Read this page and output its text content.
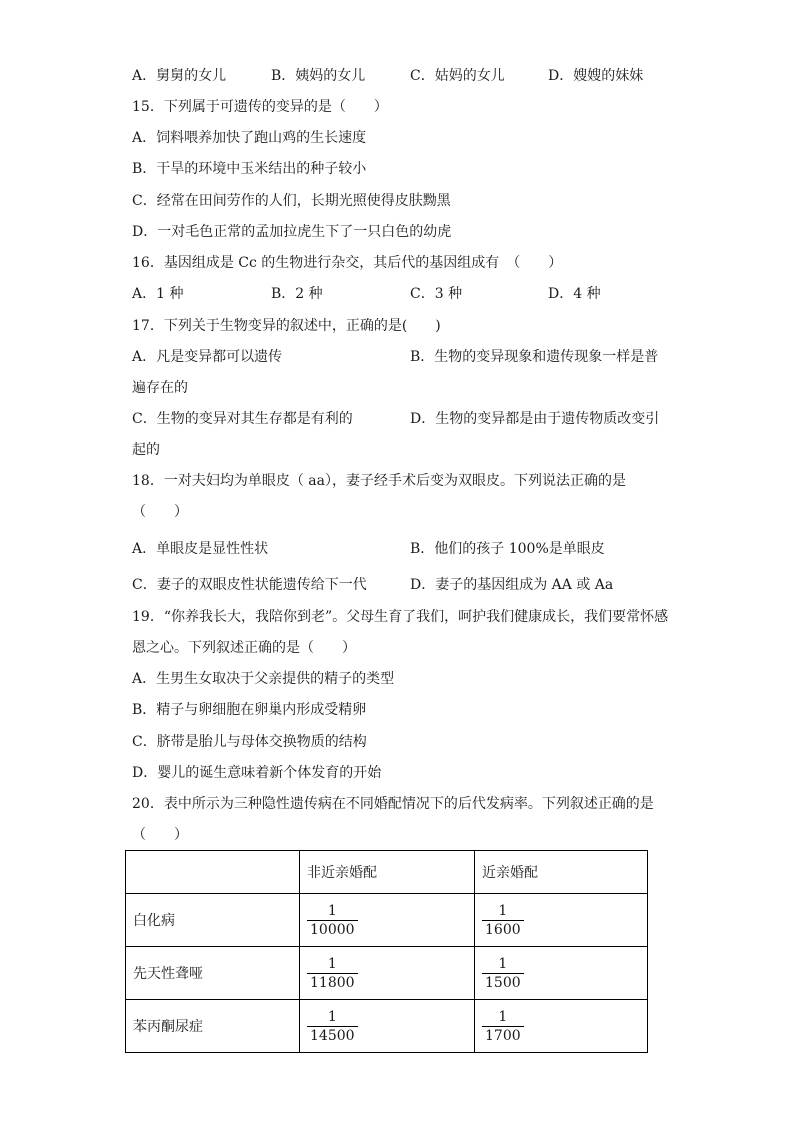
A．舅舅的女儿	B．姨妈的女儿	C．姑妈的女儿	D．嫂嫂的妹妹
15．下列属于可遗传的变异的是（　　）
A．饲料喂养加快了跑山鸡的生长速度
B．干旱的环境中玉米结出的种子较小
C．经常在田间劳作的人们，长期光照使得皮肤黝黑
D．一对毛色正常的孟加拉虎生下了一只白色的幼虎
16．基因组成是 Cc 的生物进行杂交，其后代的基因组成有　（　　）
A．1 种	B．2 种	C．3 种	D．4 种
17．下列关于生物变异的叙述中，正确的是(　　)
A．凡是变异都可以遗传	B．生物的变异现象和遗传现象一样是普
遍存在的
C．生物的变异对其生存都是有利的	D．生物的变异都是由于遗传物质改变引
起的
18．一对夫妇均为单眼皮（ aa），妻子经手术后变为双眼皮。下列说法正确的是
（　　）
A．单眼皮是显性性状	B．他们的孩子 100%是单眼皮
C．妻子的双眼皮性状能遗传给下一代	D．妻子的基因组成为 AA 或 Aa
19．“你养我长大，我陪你到老”。父母生育了我们，呵护我们健康成长，我们要常怀感
恩之心。下列叙述正确的是（　　）
A．生男生女取决于父亲提供的精子的类型
B．精子与卵细胞在卵巢内形成受精卵
C．脐带是胎儿与母体交换物质的结构
D．婴儿的诞生意味着新个体发育的开始
20．表中所示为三种隐性遗传病在不同婚配情况下的后代发病率。下列叙述正确的是
（　　）
	非近亲婚配	近亲婚配
白化病	$\frac{1}{10000}$	$\frac{1}{1600}$

先天性聋哑	$\frac{1}{11800}$	$\frac{1}{1500}$

苯丙酮尿症	$\frac{1}{14500}$	$\frac{1}{1700}$
